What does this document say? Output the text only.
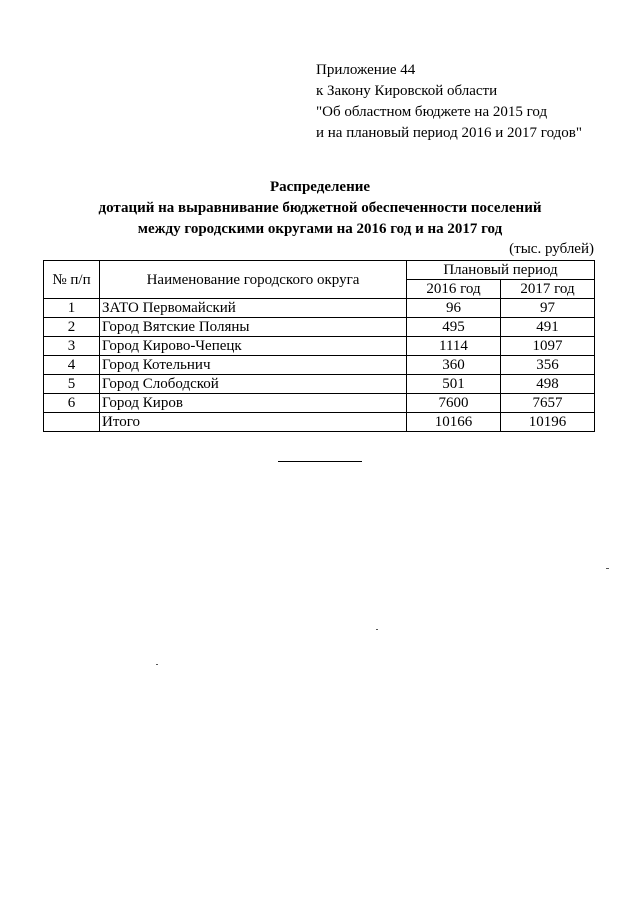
Приложение 44
к Закону Кировской области
"Об областном бюджете на 2015 год
и на плановый период 2016 и 2017 годов"
Распределение
дотаций на выравнивание бюджетной обеспеченности поселений
между городскими округами на 2016 год и на 2017 год
(тыс. рублей)
№ п/п	Наименование городского округа	Плановый период	
		2016 год	2017 год
1	ЗАТО Первомайский	96	97
2	Город Вятские Поляны	495	491
3	Город Кирово-Чепецк	1114	1097
4	Город Котельнич	360	356
5	Город Слободской	501	498
6	Город Киров	7600	7657
	Итого	10166	10196
